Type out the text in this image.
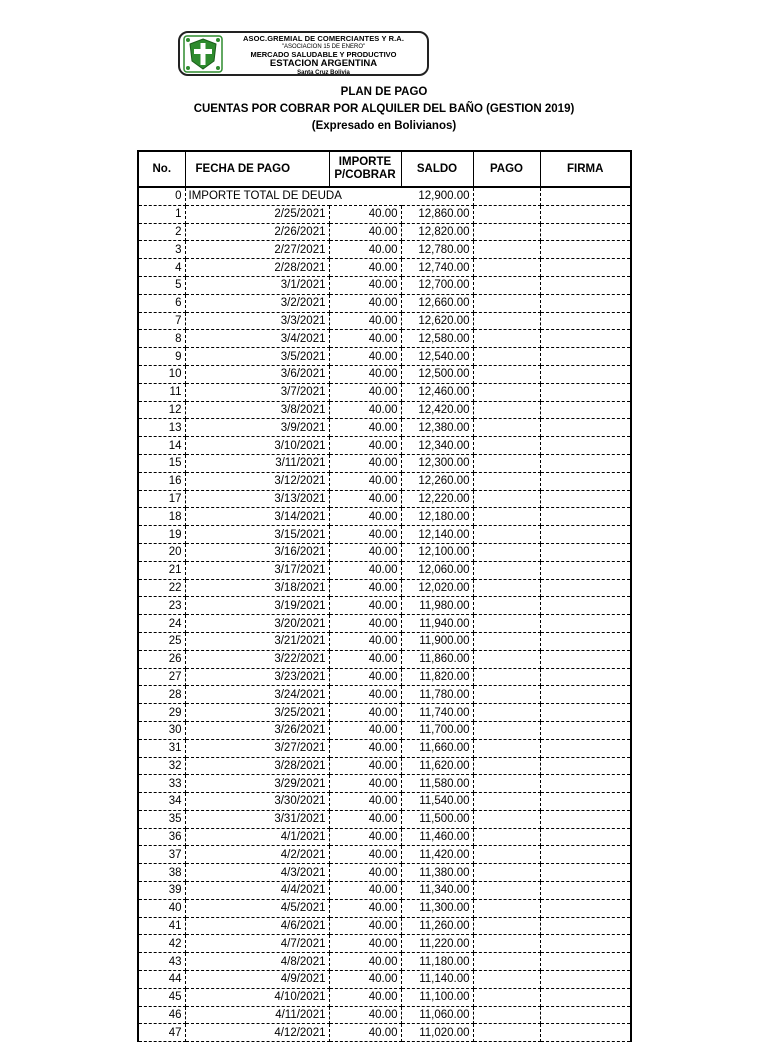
ASOC.GREMIAL DE COMERCIANTES Y R.A.
"ASOCIACION 15 DE ENERO"
MERCADO SALUDABLE Y PRODUCTIVO
ESTACION ARGENTINA
Santa Cruz Bolivia
PLAN DE PAGO
CUENTAS POR COBRAR POR ALQUILER DEL BAÑO (GESTION 2019)
(Expresado en Bolivianos)
No.	FECHA DE PAGO	IMPORTE P/COBRAR	SALDO	PAGO	FIRMA
0	IMPORTE TOTAL DE DEUDA		12,900.00		
1	2/25/2021	40.00	12,860.00		
2	2/26/2021	40.00	12,820.00		
3	2/27/2021	40.00	12,780.00		
4	2/28/2021	40.00	12,740.00		
5	3/1/2021	40.00	12,700.00		
6	3/2/2021	40.00	12,660.00		
7	3/3/2021	40.00	12,620.00		
8	3/4/2021	40.00	12,580.00		
9	3/5/2021	40.00	12,540.00		
10	3/6/2021	40.00	12,500.00		
11	3/7/2021	40.00	12,460.00		
12	3/8/2021	40.00	12,420.00		
13	3/9/2021	40.00	12,380.00		
14	3/10/2021	40.00	12,340.00		
15	3/11/2021	40.00	12,300.00		
16	3/12/2021	40.00	12,260.00		
17	3/13/2021	40.00	12,220.00		
18	3/14/2021	40.00	12,180.00		
19	3/15/2021	40.00	12,140.00		
20	3/16/2021	40.00	12,100.00		
21	3/17/2021	40.00	12,060.00		
22	3/18/2021	40.00	12,020.00		
23	3/19/2021	40.00	11,980.00		
24	3/20/2021	40.00	11,940.00		
25	3/21/2021	40.00	11,900.00		
26	3/22/2021	40.00	11,860.00		
27	3/23/2021	40.00	11,820.00		
28	3/24/2021	40.00	11,780.00		
29	3/25/2021	40.00	11,740.00		
30	3/26/2021	40.00	11,700.00		
31	3/27/2021	40.00	11,660.00		
32	3/28/2021	40.00	11,620.00		
33	3/29/2021	40.00	11,580.00		
34	3/30/2021	40.00	11,540.00		
35	3/31/2021	40.00	11,500.00		
36	4/1/2021	40.00	11,460.00		
37	4/2/2021	40.00	11,420.00		
38	4/3/2021	40.00	11,380.00		
39	4/4/2021	40.00	11,340.00		
40	4/5/2021	40.00	11,300.00		
41	4/6/2021	40.00	11,260.00		
42	4/7/2021	40.00	11,220.00		
43	4/8/2021	40.00	11,180.00		
44	4/9/2021	40.00	11,140.00		
45	4/10/2021	40.00	11,100.00		
46	4/11/2021	40.00	11,060.00		
47	4/12/2021	40.00	11,020.00		
